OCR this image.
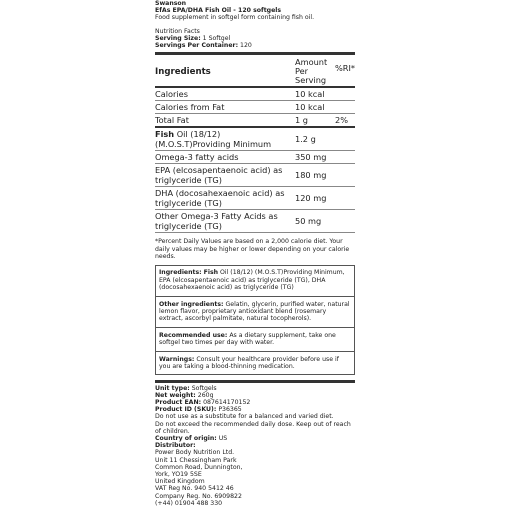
Swanson
EfAs EPA/DHA Fish Oil - 120 softgels
Food supplement in softgel form containing fish oil.
Nutrition Facts
Serving Size: 1 Softgel
Servings Per Container: 120
Ingredients	Amount
Per
Serving	%RI*
Calories	10 kcal	
Calories from Fat	10 kcal	
Total Fat	1 g	2%

Fish Oil (18/12)
(M.O.S.T)Providing Minimum	1.2 g	
Omega-3 fatty acids	350 mg	

EPA (elcosapentaenoic acid) as
triglyceride (TG)	180 mg	

DHA (docosahexaenoic acid) as
triglyceride (TG)	120 mg	

Other Omega-3 Fatty Acids as
triglyceride (TG)	50 mg	
*Percent Daily Values are based on a 2,000 calorie diet. Your daily values may be higher or lower depending on your calorie needs.

Ingredients: Fish Oil (18/12) (M.O.S.T)Providing Minimum, EPA (elcosapentaenoic acid) as triglyceride (TG), DHA (docosahexaenoic acid) as triglyceride (TG)

Other ingredients: Gelatin, glycerin, purified water, natural lemon flavor, proprietary antioxidant blend (rosemary extract, ascorbyl palmitate, natural tocopherols).

Recommended use: As a dietary supplement, take one softgel two times per day with water.

Warnings: Consult your healthcare provider before use if you are taking a blood-thinning medication.

Unit type: Softgels
Net weight: 260g
Product EAN: 087614170152
Product ID (SKU): P36365
Do not use as a substitute for a balanced and varied diet.
Do not exceed the recommended daily dose. Keep out of reach of children.
Country of origin: US
Distributor:
Power Body Nutrition Ltd.
Unit 11 Chessingham Park
Common Road, Dunnington,
York, YO19 5SE
United Kingdom
VAT Reg No. 940 5412 46
Company Reg. No. 6909822
(+44) 01904 488 330
